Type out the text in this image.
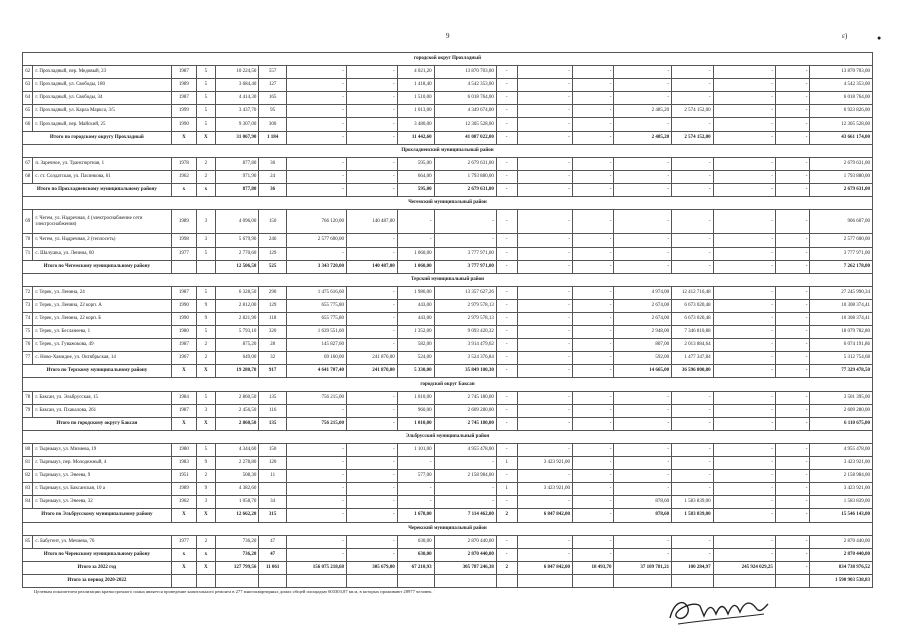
9	ɛ)	●
городской округ Прохладный																	
62	г. Прохладный, пер. Медовый, 23	1987	5	10 224,50	557	-	-	4 021,20	13 870 703,00	-	-	-	-	-	-	-	13 870 703,00
63	г. Прохладный, ул. Свободы, 180	1989	5	3 684,40	127	-	-	1 418,40	4 542 353,00	-	-	-	-	-	-	-	4 542 353,00
64	г. Прохладный, ул. Свободы, 34	1987	5	4 414,30	165	-	-	1 510,00	6 018 764,00	-	-	-	-	-	-	-	6 018 764,00
65	г. Прохладный, ул. Карла Маркса, 3/5	1999	5	3 437,70	95	-	-	1 013,00	4 349 674,00	-	-	-	2 485,20	2 574 152,00	-	-	6 923 826,00
66	г. Прохладный, пер. Майский, 25	1990	5	9 307,00	300	-	-	3 480,00	12 305 528,00	-	-	-	-	-	-	-	12 305 528,00
Итого по городскому округу Прохладный		X	X	31 067,90	1 184	-	-	11 442,60	41 087 022,00	-	-	-	2 485,20	2 574 152,00	-	-	43 661 174,00
Прохладненский муниципальный район																	
67	п. Заречное, ул. Транспортная, 1	1978	2	877,80	36	-	-	595,00	2 679 631,00	-	-	-	-	-	-	-	2 679 631,00
68	с. ст. Солдатская, ул. Пасинкова, 61	1962	2	971,90	24	-	-	664,00	1 793 880,00	-	-	-	-	-	-	-	1 793 880,00
Итого по Прохладненскому муниципальному району		x	x	877,80	36	-	-	595,00	2 679 631,00	-	-	-	-	-	-	-	2 679 631,00
Чегемский муниципальный район																	
69	г. Чегем, ул. Надречная, 4 (электроснабжение сети электроснабжения)	1989	3	4 096,00	150	766 120,00	140 487,00	-	-	-	-	-	-	-	-	-	906 607,00
70	г. Чегем, ул. Надречная, 2 (теплосеть)	1998	3	5 679,90	246	2 577 600,00	-	-	-	-	-	-	-	-	-	-	2 577 600,00
71	с. Шалушка, ул. Ленина, 60	1977	5	2 770,60	129	-	-	1 060,00	3 777 971,00	-	-	-	-	-	-	-	3 777 971,00
Итого по Чегемскому муниципальному району				12 506,50	525	3 343 720,00	140 487,00	1 060,00	3 777 971,00	-	-	-	-	-	-	-	7 262 178,00
Терский муниципальный район																	
72	г. Терек, ул. Ленина, 24	1987	5	6 328,50	290	1 475 616,60	-	1 986,00	13 357 627,26	-	-	-	4 974,00	12 412 716,48	-	-	27 245 990,34
73	г. Терек, ул. Ленина, 22 корп. А	1990	9	2 812,00	129	655 775,80	-	443,00	2 979 578,13	-	-	-	2 674,00	6 673 020,48	-	-	10 308 374,41
74	г. Терек, ул. Ленина, 22 корп. Б	1990	9	2 821,90	118	655 775,80	-	443,00	2 979 578,13	-	-	-	2 674,00	6 673 020,48	-	-	10 308 374,41
75	г. Терек, ул. Бесланеева, 1	1980	5	5 793,10	320	1 639 551,60	-	1 352,00	9 093 420,32	-	-	-	2 948,00	7 346 810,88	-	-	18 079 782,80
76	г. Терек, ул. Гуважокова, 49	1987	2	875,20	28	145 827,60	-	582,00	3 914 479,62	-	-	-	807,00	2 013 884,64	-	-	6 074 191,86
77	с. Ново-Хамидие, ул. Октябрьская, 14	1967	2	649,00	32	69 160,00	241 870,00	524,00	3 524 376,84	-	-	-	592,00	1 477 347,84	-	-	5 312 754,68
Итого по Терскому муниципальному району		X	X	19 280,70	917	4 641 707,40	241 870,00	5 330,00	35 849 100,30	-	-	-	14 665,00	36 596 800,80	-	-	77 329 478,50
городской округ Баксан																	
78	г. Баксан, ул. Эльбрусская, 15	1984	5	2 860,50	135	756 215,00	-	1 010,00	2 745 180,00	-	-	-	-	-	-	-	3 501 395,00
79	г. Баксан, ул. Пхакалова, 261	1987	3	2 456,50	116	-	-	960,00	2 609 280,00	-	-	-	-	-	-	-	2 609 280,00
Итого по городскому округу Баксан		X	X	2 860,50	135	756 215,00	-	1 010,00	2 745 180,00	-	-	-	-	-	-	-	6 110 675,00
Эльбрусский муниципальный район																	
80	г. Тырныауз, ул. Мизиева, 19	1980	5	4 344,60	150	-	-	1 101,00	4 955 478,00	-	-	-	-	-	-	-	4 955 478,00
81	г. Тырныауз, пер. Молодежный, 4	1983	9	2 278,80	120	-	-	-	-	1	3 423 921,00	-	-	-	-	-	3 423 921,00
82	г. Тырныауз, ул. Энеева, 9	1951	2	508,30	11	-	-	577,00	2 158 984,00	-	-	-	-	-	-	-	2 158 984,00
83	г. Тырныауз, ул. Баксанская, 10 а	1989	9	4 382,60		-	-	-	-	1	3 423 921,00	-	-	-	-	-	3 423 921,00
84	г. Тырныауз, ул. Энеева, 32	1962	3	1 058,70	34	-	-	-	-	-	-	-	878,60	1 583 839,00	-	-	1 583 839,00
Итого по Эльбрусскому муниципальному району		X	X	12 662,20	315	-	-	1 678,00	7 114 462,00	2	6 847 842,00	-	878,60	1 583 839,00	-	-	15 546 143,00
Черекский муниципальный район																	
85	с. Бабугент, ул. Мечиева, 76	1977	2	736,20	47	-	-	630,00	2 870 440,00	-	-	-	-	-	-	-	2 870 440,00
Итого по Черекскому муниципальному району		x	x	736,20	47	-	-	630,00	2 870 440,00	-	-	-	-	-	-	-	2 870 440,00
Итого за 2022 год		X	X	127 799,56	11 061	156 075 218,68	305 679,00	67 210,93	305 787 246,38	2	6 847 842,00	18 493,70	37 109 781,21	100 284,97	245 924 029,25	-	834 738 976,52
Итого за период 2020-2022																	1 590 903 538,83
Целевым показателем реализации краткосрочного плана является проведение капитального ремонта в 277 многоквартирных домах общей площадью 603303,87 кв.м, в которых проживают 28977 человек.
